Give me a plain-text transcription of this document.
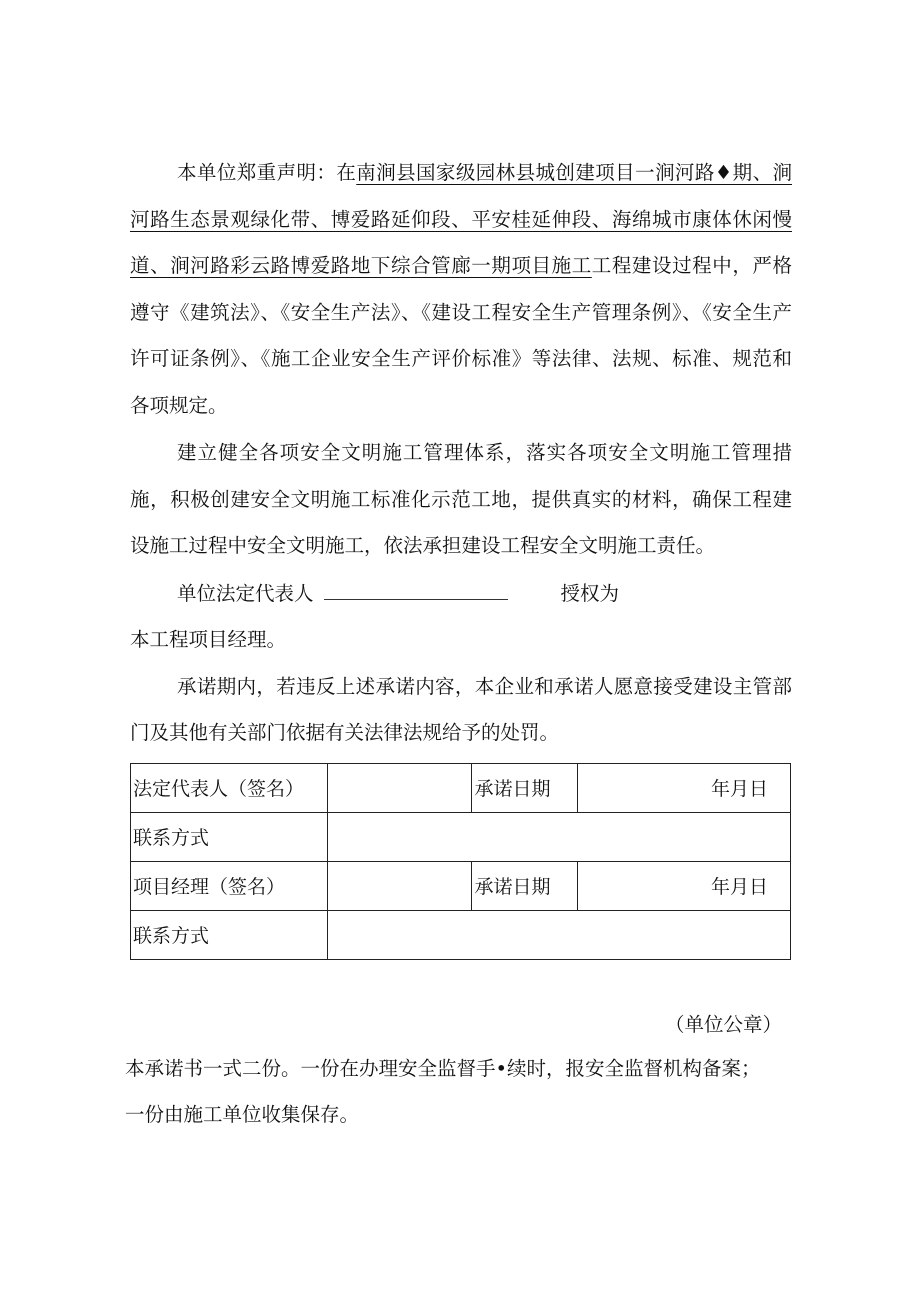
本单位郑重声明：在南涧县国家级园林县城创建项目一涧河路♦期、涧河路生态景观绿化带、博爱路延仰段、平安桂延伸段、海绵城市康体休闲慢道、涧河路彩云路博爱路地下综合管廊一期项目施工工程建设过程中，严格遵守《建筑法》、《安全生产法》、《建设工程安全生产管理条例》、《安全生产许可证条例》、《施工企业安全生产评价标准》等法律、法规、标准、规范和各项规定。

建立健全各项安全文明施工管理体系，落实各项安全文明施工管理措施，积极创建安全文明施工标准化示范工地，提供真实的材料，确保工程建设施工过程中安全文明施工，依法承担建设工程安全文明施工责任。

单位法定代表人	授权为

本工程项目经理。

承诺期内，若违反上述承诺内容，本企业和承诺人愿意接受建设主管部门及其他有关部门依据有关法律法规给予的处罚。

法定代表人（签名）		承诺日期	年月日
联系方式			
项目经理（签名）		承诺日期	年月日
联系方式			
（单位公章）
本承诺书一式二份。一份在办理安全监督手•续时，报安全监督机构备案；
一份由施工单位收集保存。
